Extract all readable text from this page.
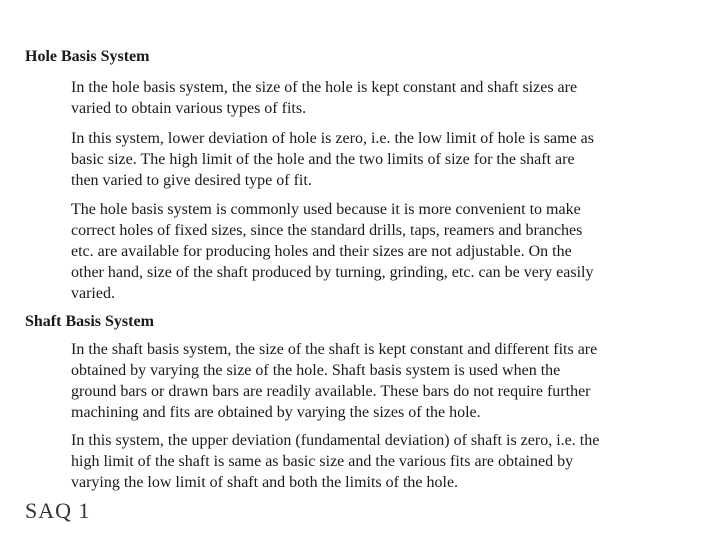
Hole Basis System

In the hole basis system, the size of the hole is kept constant and shaft sizes are
varied to obtain various types of fits.

In this system, lower deviation of hole is zero, i.e. the low limit of hole is same as
basic size. The high limit of the hole and the two limits of size for the shaft are
then varied to give desired type of fit.

The hole basis system is commonly used because it is more convenient to make
correct holes of fixed sizes, since the standard drills, taps, reamers and branches
etc. are available for producing holes and their sizes are not adjustable. On the
other hand, size of the shaft produced by turning, grinding, etc. can be very easily
varied.

Shaft Basis System

In the shaft basis system, the size of the shaft is kept constant and different fits are
obtained by varying the size of the hole. Shaft basis system is used when the
ground bars or drawn bars are readily available. These bars do not require further
machining and fits are obtained by varying the sizes of the hole.

In this system, the upper deviation (fundamental deviation) of shaft is zero, i.e. the
high limit of the shaft is same as basic size and the various fits are obtained by
varying the low limit of shaft and both the limits of the hole.

SAQ 1
